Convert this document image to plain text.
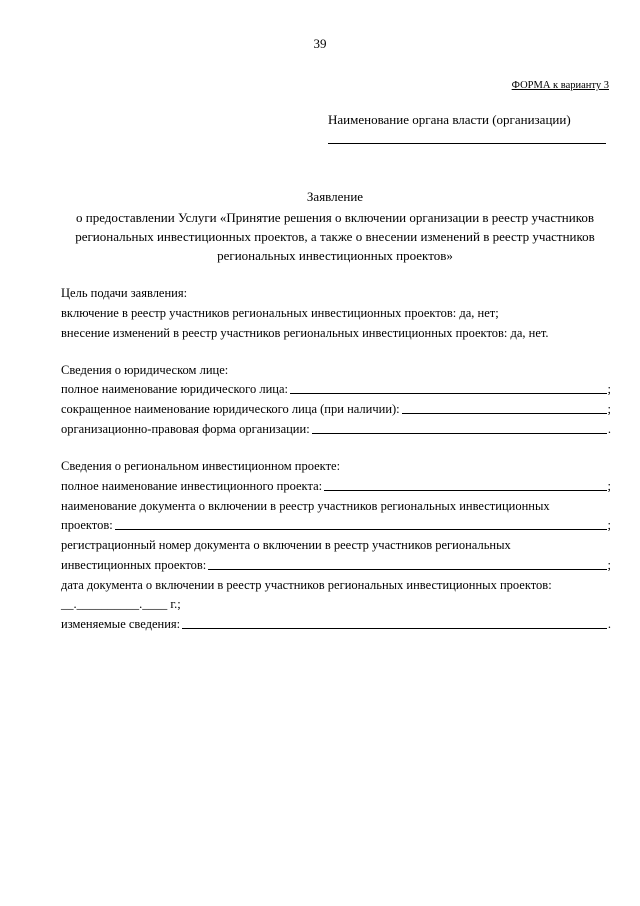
39
ФОРМА к варианту 3
Наименование органа власти (организации)
Заявление
о предоставлении Услуги «Принятие решения о включении организации в реестр участников
региональных инвестиционных проектов, а также о внесении изменений в реестр участников
региональных инвестиционных проектов»
Цель подачи заявления:
включение в реестр участников региональных инвестиционных проектов: да, нет;
внесение изменений в реестр участников региональных инвестиционных проектов: да, нет.
Сведения о юридическом лице:
полное наименование юридического лица:	;
сокращенное наименование юридического лица (при наличии):	;
организационно-правовая форма организации:	.
Сведения о региональном инвестиционном проекте:
полное наименование инвестиционного проекта:	;
наименование документа о включении в реестр участников региональных инвестиционных
проектов:	;
регистрационный номер документа о включении в реестр участников региональных
инвестиционных проектов:	;
дата документа о включении в реестр участников региональных инвестиционных проектов:
__.__________.____ г.;
изменяемые сведения:	.
